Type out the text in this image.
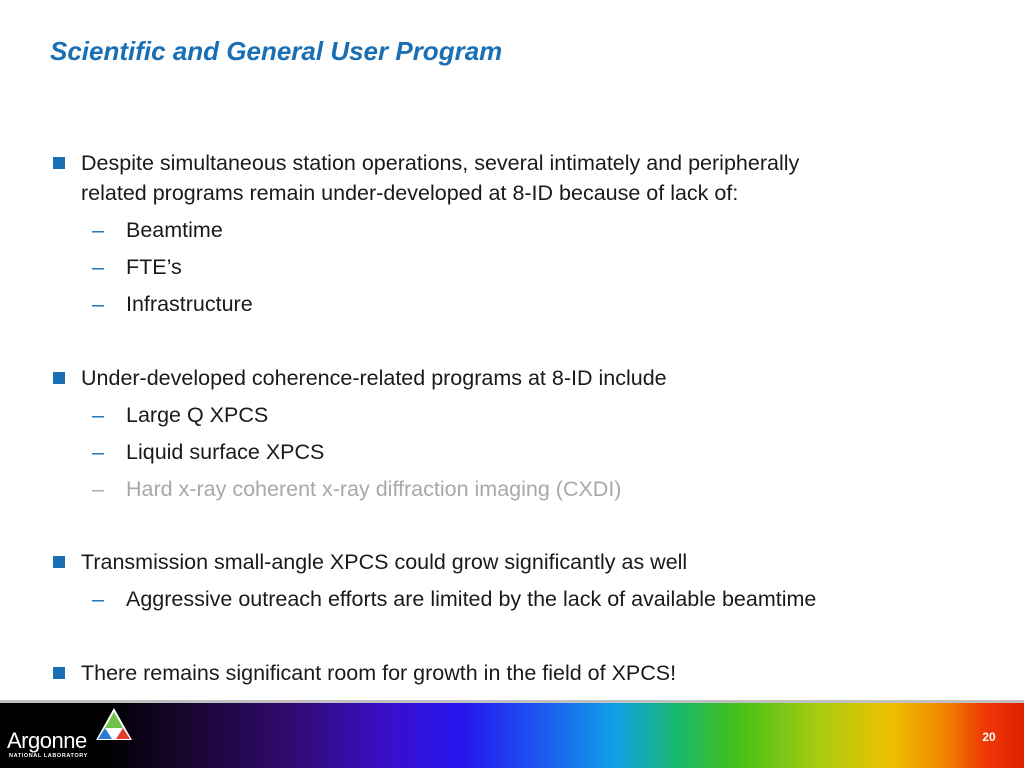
Scientific and General User Program
Despite simultaneous station operations, several intimately and peripherally
related programs remain under-developed at 8-ID because of lack of:
– Beamtime
– FTE’s
– Infrastructure
Under-developed coherence-related programs at 8-ID include
– Large Q XPCS
– Liquid surface XPCS
– Hard x-ray coherent x-ray diffraction imaging (CXDI)
Transmission small-angle XPCS could grow significantly as well
– Aggressive outreach efforts are limited by the lack of available beamtime
There remains significant room for growth in the field of XPCS!
Argonne
NATIONAL LABORATORY
20
